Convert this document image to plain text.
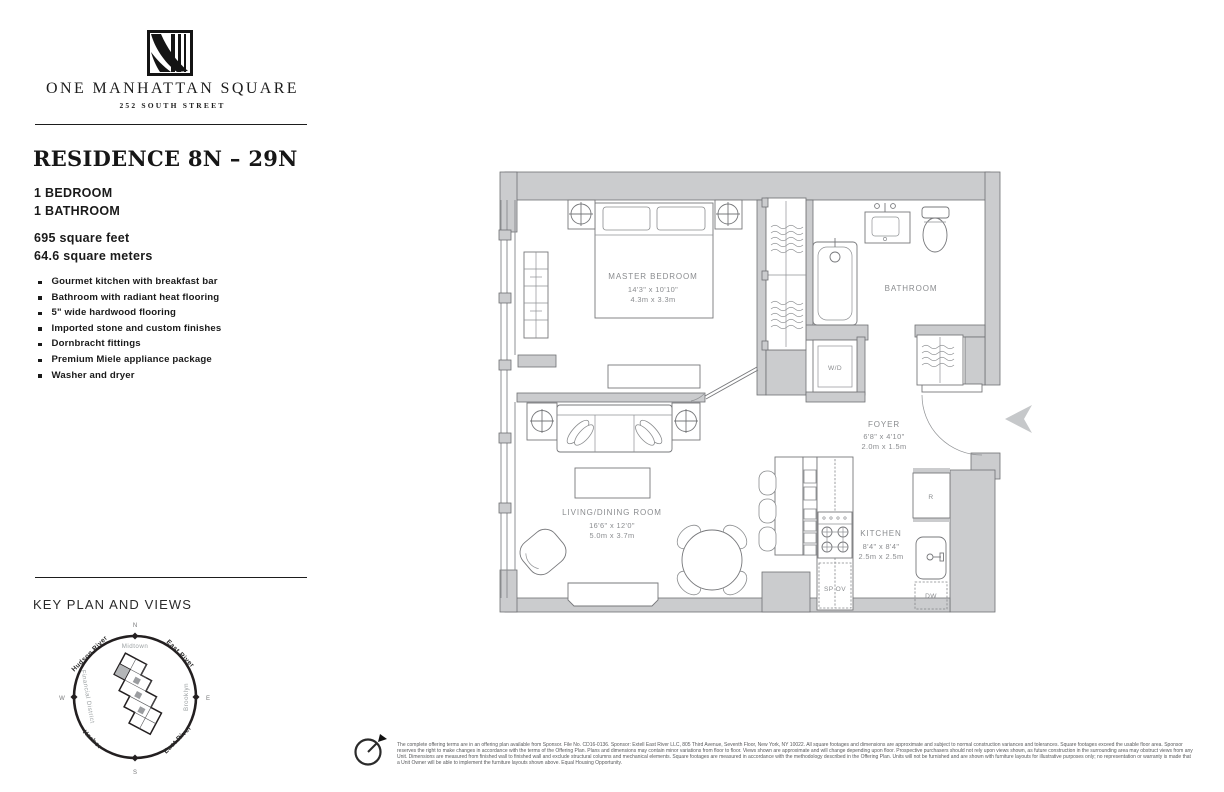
ONE MANHATTAN SQUARE
252 SOUTH STREET
RESIDENCE 8N – 29N
1 BEDROOM
1 BATHROOM
695 square feet
64.6 square meters
Gourmet kitchen with breakfast bar
Bathroom with radiant heat flooring
5" wide hardwood flooring
Imported stone and custom finishes
Dornbracht fittings
Premium Miele appliance package
Washer and dryer
KEY PLAN AND VIEWS
N
S
W	E
Hudson River	East River
Harbor	East River
Midtown
Brooklyn
Financial District
MASTER BEDROOM
14'3" x 10'10"
4.3m x 3.3m
W/D
BATHROOM
FOYER
6'8" x 4'10"
2.0m x 1.5m
SP OV
R
DW
KITCHEN
8'4" x 8'4"
2.5m x 2.5m
LIVING/DINING ROOM
16'6" x 12'0"
5.0m x 3.7m
The complete offering terms are in an offering plan available from Sponsor. File No. CD16-0136. Sponsor: Extell East River LLC, 805 Third Avenue, Seventh Floor, New York, NY 10022. All square footages and dimensions are approximate and subject to normal construction variances and tolerances. Square footages exceed the usable floor area. Sponsor reserves the right to make changes in accordance with the terms of the Offering Plan. Plans and dimensions may contain minor variations from floor to floor. Views shown are approximate and will change depending upon floor. Prospective purchasers should not rely upon views shown, as future construction in the surrounding area may obstruct views from any Unit. Dimensions are measured from finished wall to finished wall and exclude structural columns and mechanical elements. Square footages are measured in accordance with the methodology described in the Offering Plan. Units will not be furnished and are shown with furniture layouts for illustrative purposes only; no representation or warranty is made that a Unit Owner will be able to implement the furniture layouts shown above. Equal Housing Opportunity.
